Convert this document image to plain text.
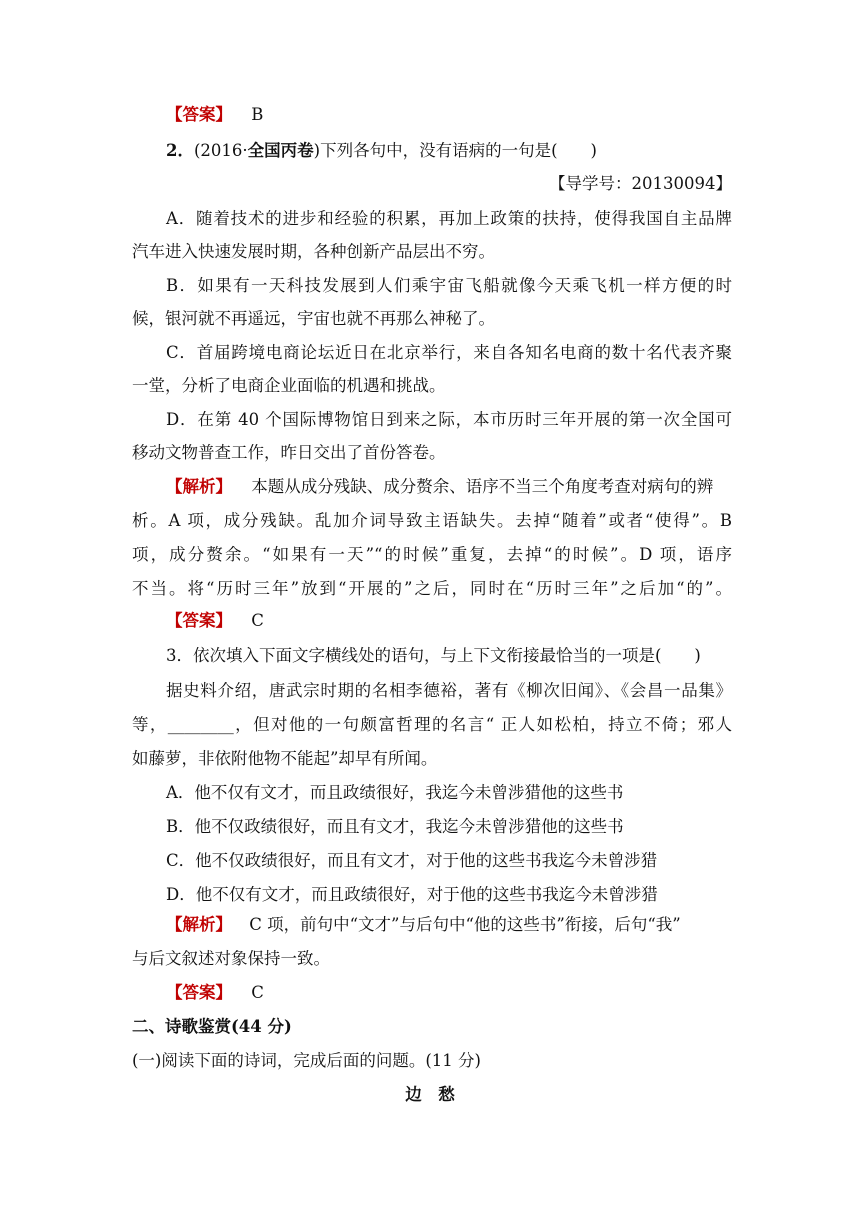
【答案】 B
2．(2016·全国丙卷)下列各句中，没有语病的一句是(　　)
【导学号：20130094】
A．随着技术的进步和经验的积累，再加上政策的扶持，使得我国自主品牌
汽车进入快速发展时期，各种创新产品层出不穷。
B．如果有一天科技发展到人们乘宇宙飞船就像今天乘飞机一样方便的时
候，银河就不再遥远，宇宙也就不再那么神秘了。
C．首届跨境电商论坛近日在北京举行，来自各知名电商的数十名代表齐聚
一堂，分析了电商企业面临的机遇和挑战。
D．在第 40 个国际博物馆日到来之际，本市历时三年开展的第一次全国可
移动文物普查工作，昨日交出了首份答卷。
【解析】 本题从成分残缺、成分赘余、语序不当三个角度考查对病句的辨
析。A 项，成分残缺。乱加介词导致主语缺失。去掉“随着”或者“使得”。B
项，成分赘余。“如果有一天”“的时候”重复，去掉“的时候”。D 项，语序
不当。将“历时三年”放到“开展的”之后，同时在“历时三年”之后加“的”。
【答案】 C
3．依次填入下面文字横线处的语句，与上下文衔接最恰当的一项是(　　)
据史料介绍，唐武宗时期的名相李德裕，著有《柳次旧闻》、《会昌一品集》
等，________，但对他的一句颇富哲理的名言“ 正人如松柏，持立不倚；邪人
如藤萝，非依附他物不能起”却早有所闻。
A．他不仅有文才，而且政绩很好，我迄今未曾涉猎他的这些书
B．他不仅政绩很好，而且有文才，我迄今未曾涉猎他的这些书
C．他不仅政绩很好，而且有文才，对于他的这些书我迄今未曾涉猎
D．他不仅有文才，而且政绩很好，对于他的这些书我迄今未曾涉猎
【解析】 C 项，前句中“文才”与后句中“他的这些书”衔接，后句“我”
与后文叙述对象保持一致。
【答案】 C
二、诗歌鉴赏(44 分)
(一)阅读下面的诗词，完成后面的问题。(11 分)
边　愁
